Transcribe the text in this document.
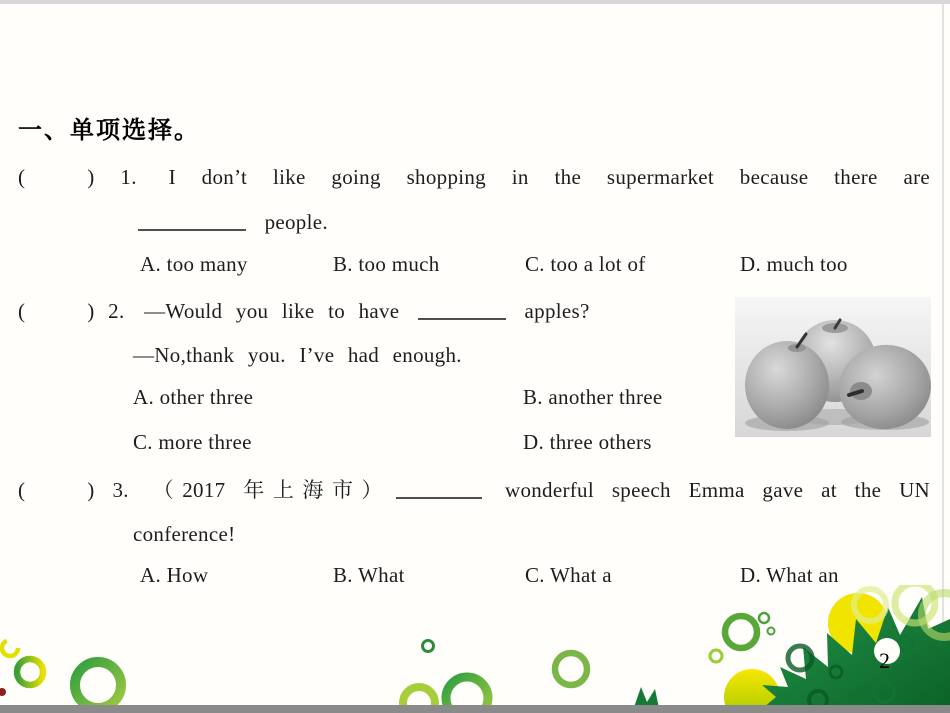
一、单项选择。
(	) 1. I don’t like going shopping in the supermarket because there are
people.
A. too many	B. too much	C. too a lot of	D. much too
(	) 2. —Would you like to have	apples?
—No,thank you. I’ve had enough.
A. other three	B. another three
C. more three	D. three others
(	) 3. （2017 年上海市）	wonderful speech Emma gave at the UN
conference!
A. How	B. What	C. What a	D. What an
2
